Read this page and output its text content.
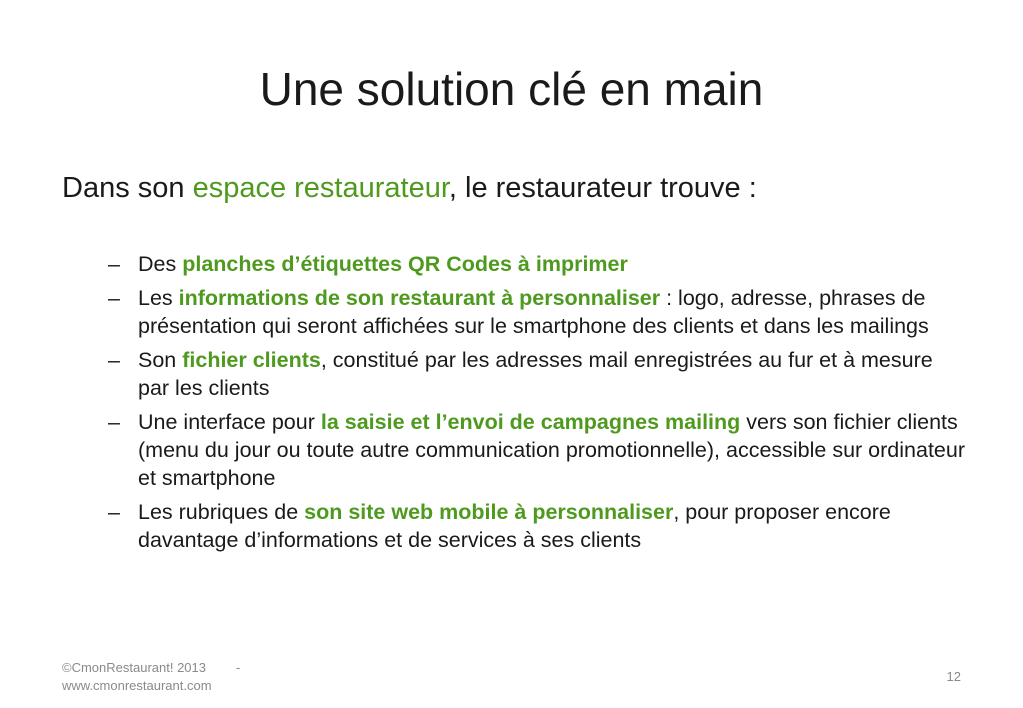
Une solution clé en main
Dans son espace restaurateur, le restaurateur trouve :
– Des planches d’étiquettes QR Codes à imprimer
– Les informations de son restaurant à personnaliser : logo, adresse, phrases de présentation qui seront affichées sur le smartphone des clients et dans les mailings
– Son fichier clients, constitué par les adresses mail enregistrées au fur et à mesure par les clients
– Une interface pour la saisie et l’envoi de campagnes mailing vers son fichier clients (menu du jour ou toute autre communication promotionnelle), accessible sur ordinateur et smartphone
– Les rubriques de son site web mobile à personnaliser, pour proposer encore davantage d’informations et de services à ses clients
©CmonRestaurant! 2013 -
www.cmonrestaurant.com
12
